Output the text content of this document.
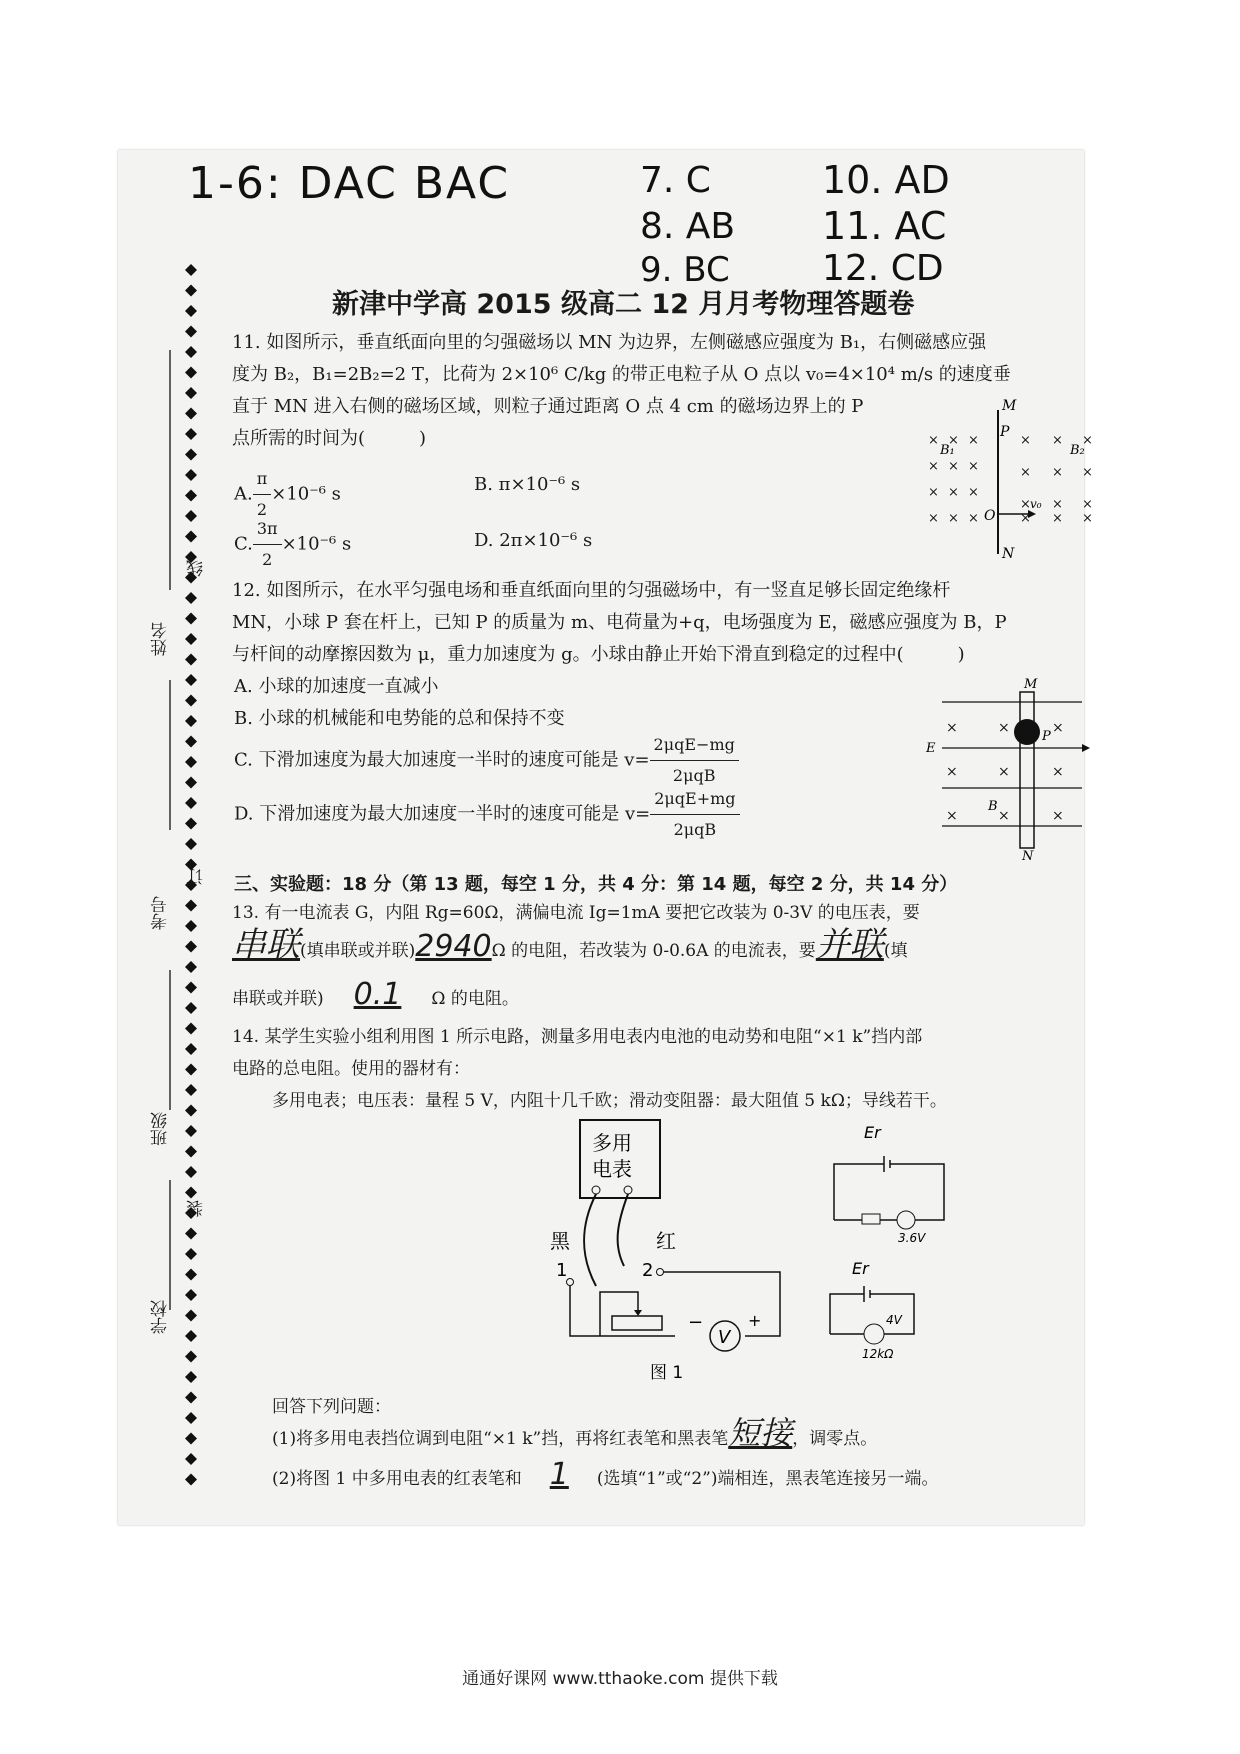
姓名
线
考号
订
班级
装
学校
1-6: DAC BAC	7. C
8. AB
9. BC
10. AD
11. AC
12. CD
新津中学高 2015 级高二 12 月月考物理答题卷
11. 如图所示，垂直纸面向里的匀强磁场以 MN 为边界，左侧磁感应强度为 B₁，右侧磁感应强
度为 B₂，B₁=2B₂=2 T，比荷为 2×10⁶ C/kg 的带正电粒子从 O 点以 v₀=4×10⁴ m/s 的速度垂
直于 MN 进入右侧的磁场区域，则粒子通过距离 O 点 4 cm 的磁场边界上的 P
点所需的时间为(　　　)
A. $\frac{\pi}{2} \times 10^{-6}$ s	B. π×10⁻⁶ s
C. $\frac{3\pi}{2} \times 10^{-6}$ s	D. 2π×10⁻⁶ s
M
N
P
O
B₁	B₂
v₀
× × ×
× × ×
× × ×
× × ×
× × ×
× × ×
× × ×
× × ×
12. 如图所示，在水平匀强电场和垂直纸面向里的匀强磁场中，有一竖直足够长固定绝缘杆
MN，小球 P 套在杆上，已知 P 的质量为 m、电荷量为+q，电场强度为 E，磁感应强度为 B，P
与杆间的动摩擦因数为 μ，重力加速度为 g。小球由静止开始下滑直到稳定的过程中(　　　)
A. 小球的加速度一直减小
B. 小球的机械能和电势能的总和保持不变
C. 下滑加速度为最大加速度一半时的速度可能是 $v= \frac{\text{2μqE−mg}}{\text{2μqB}}$
D. 下滑加速度为最大加速度一半时的速度可能是 $v= \frac{\text{2μqE+mg}}{\text{2μqB}}$
M
N
E
P
B
×	×	×
×	×	×
×	×	×
三、实验题：18 分（第 13 题，每空 1 分，共 4 分：第 14 题，每空 2 分，共 14 分）
13. 有一电流表 G，内阻 Rg=60Ω，满偏电流 Ig=1mA 要把它改装为 0-3V 的电压表，要
串联(填串联或并联)2940Ω 的电阻，若改装为 0-0.6A 的电流表，要并联(填
串联或并联) 0.1 Ω 的电阻。
14. 某学生实验小组利用图 1 所示电路，测量多用电表内电池的电动势和电阻“×1 k”挡内部
电路的总电阻。使用的器材有：
多用电表；电压表：量程 5 V，内阻十几千欧；滑动变阻器：最大阻值 5 kΩ；导线若干。
多用
电表
黑	红
1	2
V
−	+
图 1
Er
3.6V
Er
4V
12kΩ
回答下列问题：
(1)将多用电表挡位调到电阻“×1 k”挡，再将红表笔和黑表笔短接，调零点。
(2)将图 1 中多用电表的红表笔和 1 (选填“1”或“2”)端相连，黑表笔连接另一端。
通通好课网 www.tthaoke.com 提供下载
